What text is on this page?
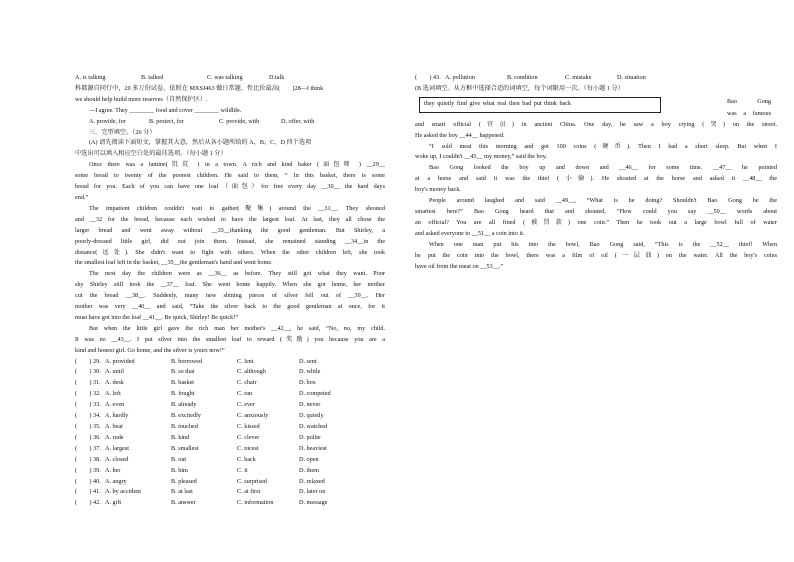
A. is talking	B. talked	C. was talking	D.talk
科都源自同行中，20 多万份试卷，依照在 MXSJ463 做日常题，性比价最高(　　)28—I think
we should help build more reserves（自然保护区）.
—I agree. They ________ food and cover ________ wildlife.
A. provide, for	B. protect, for	C. provide, with	D. offer, with
三．完型填空。（26 分）
(A) 请先阅读下面短文，掌握其大意，然后从各小题所给的 A、B、C、D 四个选项
中选出可以填入相应空白处的最佳选项。（每小题 1 分）
Once there was a famine(饥荒 ) in a town. A rich and kind baker (面包师 ) __29__
some bread to twenty of the poorest children. He said to them, “ In this basket, there is some
bread for you. Each of you can have one loaf（面包）for free every day __30__ the hard days
end.”
The impatient children couldn't wait to gather(聚集) around the __31__. They shouted
and __32 for the bread, because each wished to have the largest loaf. At last, they all chose the
larger bread and went away without __33__thanking the good gentleman. But Shirley, a
poorly-dressed little girl, did not join them. Instead, she remained standing __34__in the
distance(远处). She didn't want to fight with others. When the other children left, she took
the smallest loaf left in the basket, __35__the gentleman's hand and went home.
The next day the children were as __36__ as before. They still got what they want. Poor
shy Shirley still took the __37__ loaf. She went home happily. When she got home, her mother
cut the bread __38__. Suddenly, many new shining pieces of silver fell out of __39__. Her
mother was very __40__ and said, “Take the silver back to the good gentleman at once, for it
must have got into the loaf __41__. Be quick, Shirley! Be quick!”
But when the little girl gave the rich man her mother's __42__, he said, “No, no, my child.
It was no __43__. I put silver into the smallest loaf to reward (奖励) you because you are a
kind and honest girl. Go home, and the silver is yours now!”
(　　) 29. A. provided	B. borrowed	C. lent	D. sent
(　　) 30. A. until	B. so that	C. although	D. while
(　　) 31. A. desk	B. basket	C. chair	D. box
(　　) 32. A. left	B. fought	C. ran	D. competed
(　　) 33. A. even	B. already	C. ever	D. never
(　　) 34. A. hardly	B. excitedly	C. anxiously	D. quietly
(　　) 35. A. beat	B. touched	C. kissed	D. watched
(　　) 36. A. rude	B. kind	C. clever	D. polite
(　　) 37. A. largest	B. smallest	C. nicest	D. heaviest
(　　) 38. A. closed	B. out	C. back	D. open
(　　) 39. A. her	B. him	C. it	D. them
(　　) 40. A. angry	B. pleased	C. surprised	D. relaxed
(　　) 41. A. by accident	B. at last	C. at first	D. later on
(　　) 42. A. gift	B. answer	C. information	D. message
(　　) 43. A. pollution	B. condition	C. mistake	D. situation
(B 选词填空。从方框中选择合适的词填空，每个词限用一次。（每小题 1 分）
they quietly find give what real then bad put think back	Bao Gong
was a famous
and smart official (官员) in ancient China. One day, he saw a boy crying (哭) on the street.
He asked the boy __44__ happened.
“I sold meat this morning and got 100 coins (硬币). Then I had a short sleep. But when I
woke up, I couldn't __45__ my money,” said the boy.
Bao Gong looked the boy up and down and __46__ for some time. __47__ he pointed
at a horse and said it was the thief (小偷). He shouted at the horse and asked it __48__ the
boy's money back.
People around laughed and said __49__, “What is he doing? Shouldn't Bao Gong be the
smartest here?” Bao Gong heard that and shouted, “How could you say __50__ words about
an official? You are all fined (被罚款) one coin.” Then he took out a large bowl full of water
and asked everyone to __51__ a coin into it.
When one man put his into the bowl, Bao Gong said, “This is the __52__ thief! When
he put the coin into the bowl, there was a film of oil (一层油) on the water. All the boy's coins
have oil from the meat on __53__.”
